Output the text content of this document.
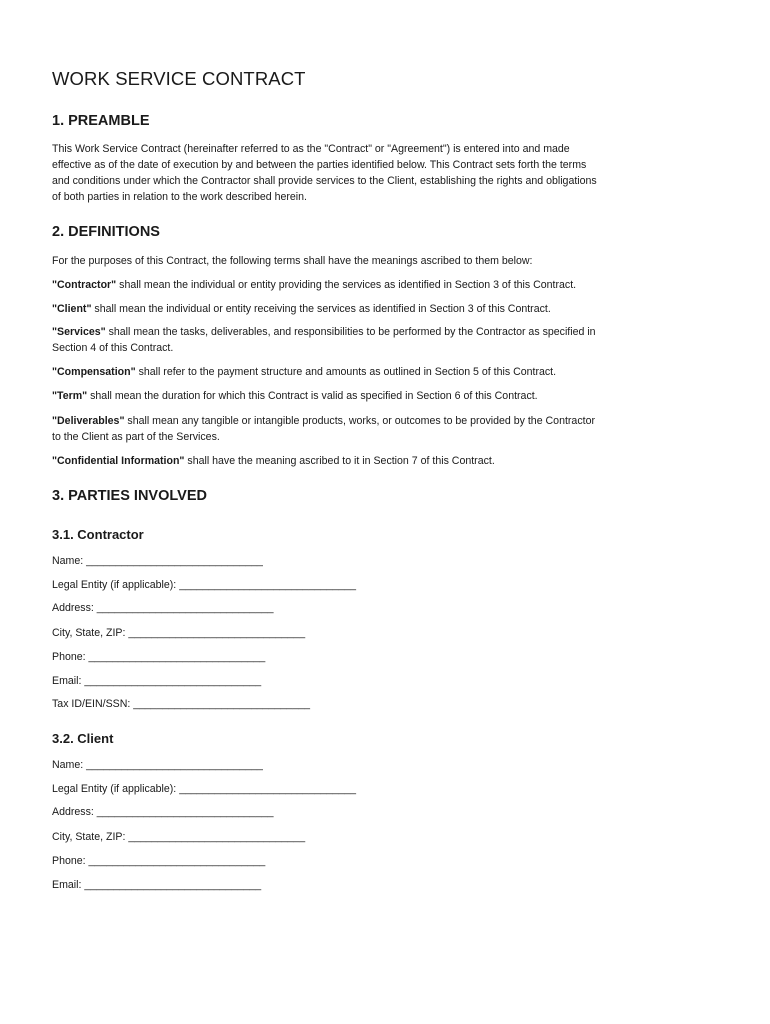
WORK SERVICE CONTRACT
1. PREAMBLE
This Work Service Contract (hereinafter referred to as the "Contract" or "Agreement") is entered into and made
effective as of the date of execution by and between the parties identified below. This Contract sets forth the terms
and conditions under which the Contractor shall provide services to the Client, establishing the rights and obligations
of both parties in relation to the work described herein.
2. DEFINITIONS
For the purposes of this Contract, the following terms shall have the meanings ascribed to them below:
"Contractor" shall mean the individual or entity providing the services as identified in Section 3 of this Contract.
"Client" shall mean the individual or entity receiving the services as identified in Section 3 of this Contract.
"Services" shall mean the tasks, deliverables, and responsibilities to be performed by the Contractor as specified in
Section 4 of this Contract.
"Compensation" shall refer to the payment structure and amounts as outlined in Section 5 of this Contract.
"Term" shall mean the duration for which this Contract is valid as specified in Section 6 of this Contract.
"Deliverables" shall mean any tangible or intangible products, works, or outcomes to be provided by the Contractor
to the Client as part of the Services.
"Confidential Information" shall have the meaning ascribed to it in Section 7 of this Contract.
3. PARTIES INVOLVED
3.1. Contractor
Name: ______________________________
Legal Entity (if applicable): ______________________________
Address: ______________________________
City, State, ZIP: ______________________________
Phone: ______________________________
Email: ______________________________
Tax ID/EIN/SSN: ______________________________
3.2. Client
Name: ______________________________
Legal Entity (if applicable): ______________________________
Address: ______________________________
City, State, ZIP: ______________________________
Phone: ______________________________
Email: ______________________________
